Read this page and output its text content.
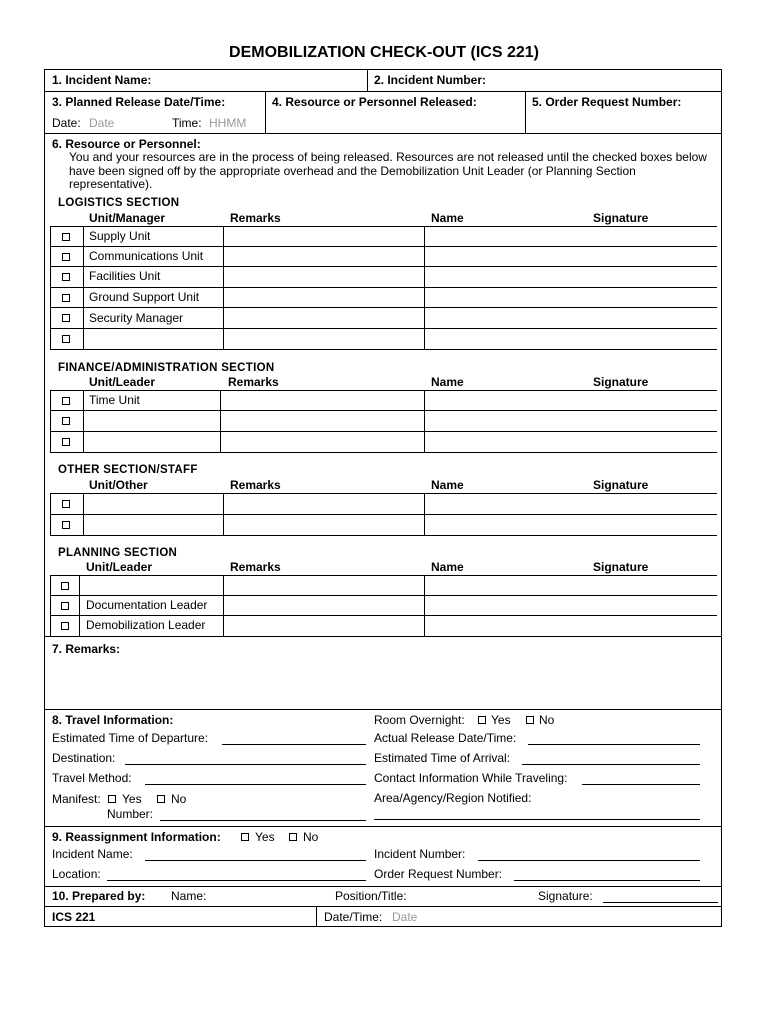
DEMOBILIZATION CHECK-OUT (ICS 221)
1. Incident Name:	2. Incident Number:
3. Planned Release Date/Time:
Date: Date	Time: HHMM
4. Resource or Personnel Released:	5. Order Request Number:
6. Resource or Personnel:
You and your resources are in the process of being released. Resources are not released until the checked boxes below have been signed off by the appropriate overhead and the Demobilization Unit Leader (or Planning Section representative).
LOGISTICS SECTION
Unit/Manager	Remarks	Name	Signature
Supply Unit
Communications Unit
Facilities Unit
Ground Support Unit
Security Manager
FINANCE/ADMINISTRATION SECTION
Unit/Leader	Remarks	Name	Signature
Time Unit
OTHER SECTION/STAFF
Unit/Other	Remarks	Name	Signature
PLANNING SECTION
Unit/Leader	Remarks	Name	Signature
Documentation Leader
Demobilization Leader
7. Remarks:
8. Travel Information:	Room Overnight: Yes No
Estimated Time of Departure:	Actual Release Date/Time:
Destination:	Estimated Time of Arrival:
Travel Method:	Contact Information While Traveling:
Manifest: Yes No
Number:
Area/Agency/Region Notified:
9. Reassignment Information:	Yes No
Incident Name:	Incident Number:
Location:	Order Request Number:
10. Prepared by: Name:	Position/Title:	Signature:
ICS 221	Date/Time: Date
